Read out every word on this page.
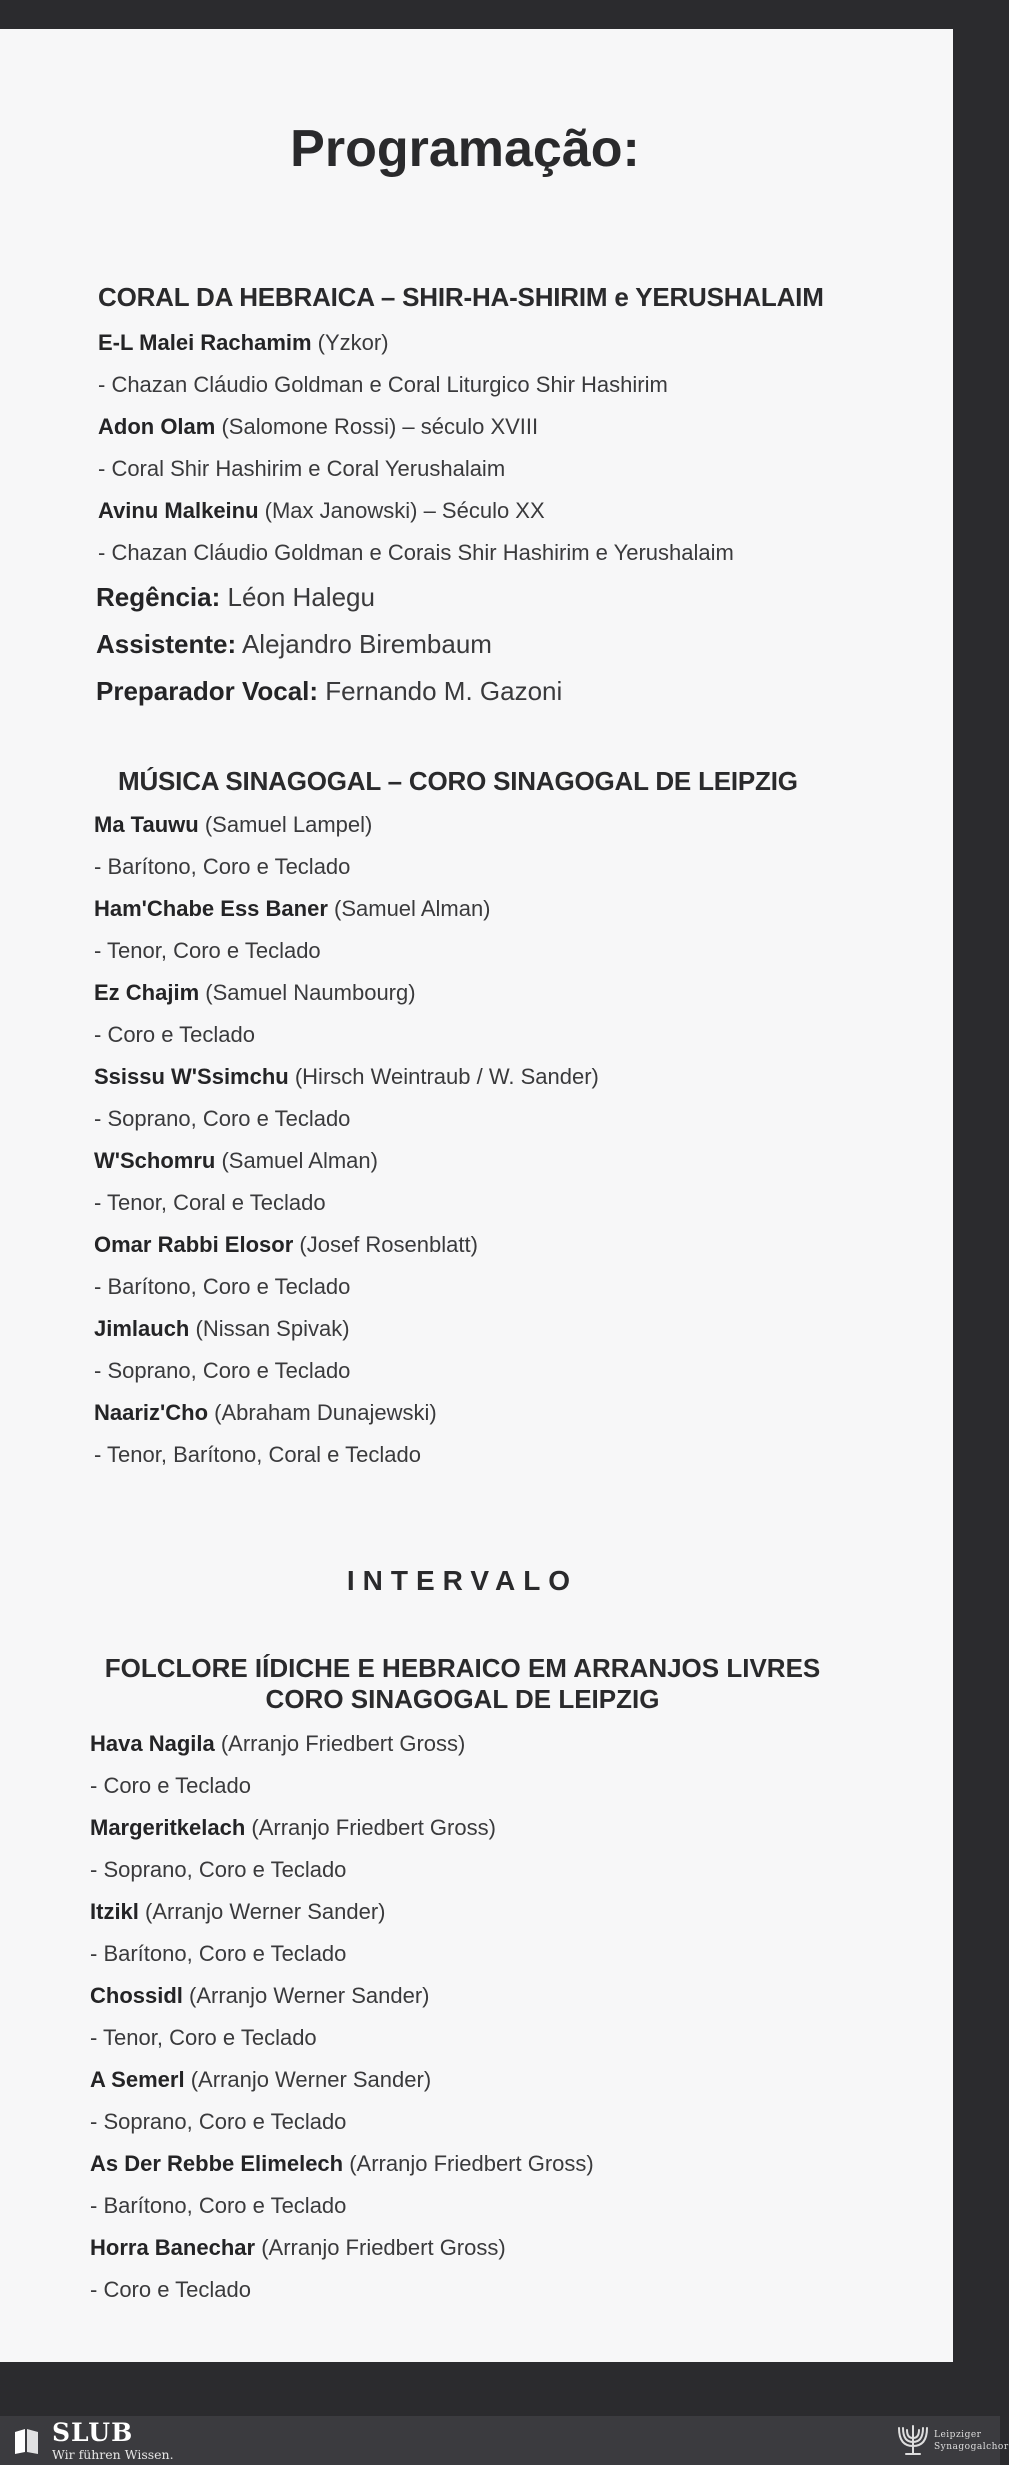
Programação:
CORAL DA HEBRAICA – SHIR-HA-SHIRIM e YERUSHALAIM
E-L Malei Rachamim (Yzkor)
- Chazan Cláudio Goldman e Coral Liturgico Shir Hashirim
Adon Olam (Salomone Rossi) – século XVIII
- Coral Shir Hashirim e Coral Yerushalaim
Avinu Malkeinu (Max Janowski) – Século XX
- Chazan Cláudio Goldman e Corais Shir Hashirim e Yerushalaim
Regência: Léon Halegu
Assistente: Alejandro Birembaum
Preparador Vocal: Fernando M. Gazoni
MÚSICA SINAGOGAL – CORO SINAGOGAL DE LEIPZIG
Ma Tauwu (Samuel Lampel)
- Barítono, Coro e Teclado
Ham'Chabe Ess Baner (Samuel Alman)
- Tenor, Coro e Teclado
Ez Chajim (Samuel Naumbourg)
- Coro e Teclado
Ssissu W'Ssimchu (Hirsch Weintraub / W. Sander)
- Soprano, Coro e Teclado
W'Schomru (Samuel Alman)
- Tenor, Coral e Teclado
Omar Rabbi Elosor (Josef Rosenblatt)
- Barítono, Coro e Teclado
Jimlauch (Nissan Spivak)
- Soprano, Coro e Teclado
Naariz'Cho (Abraham Dunajewski)
- Tenor, Barítono, Coral e Teclado
INTERVALO
FOLCLORE IÍDICHE E HEBRAICO EM ARRANJOS LIVRES
CORO SINAGOGAL DE LEIPZIG
Hava Nagila (Arranjo Friedbert Gross)
- Coro e Teclado
Margeritkelach (Arranjo Friedbert Gross)
- Soprano, Coro e Teclado
Itzikl (Arranjo Werner Sander)
- Barítono, Coro e Teclado
Chossidl (Arranjo Werner Sander)
- Tenor, Coro e Teclado
A Semerl (Arranjo Werner Sander)
- Soprano, Coro e Teclado
As Der Rebbe Elimelech (Arranjo Friedbert Gross)
- Barítono, Coro e Teclado
Horra Banechar (Arranjo Friedbert Gross)
- Coro e Teclado
SLUB
Wir führen Wissen.
Leipziger
Synagogalchor
